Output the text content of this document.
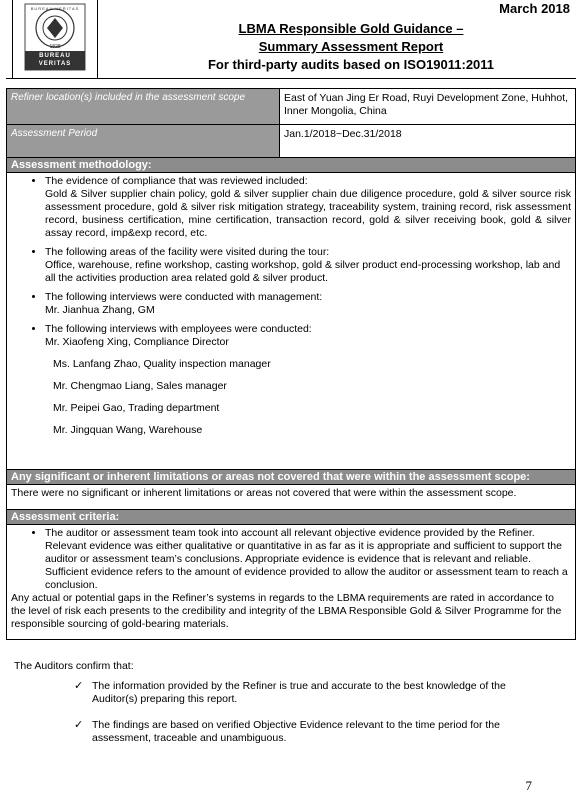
BUREAU VERITAS
1828
BUREAU
VERITAS
March 2018
LBMA Responsible Gold Guidance –
Summary Assessment Report
For third-party audits based on ISO19011:2011
Refiner location(s) included in the assessment scope	East of Yuan Jing Er Road, Ruyi Development Zone, Huhhot, Inner Mongolia, China
Assessment Period	Jan.1/2018~Dec.31/2018
Assessment methodology:
• The evidence of compliance that was reviewed included:
Gold & Silver supplier chain policy, gold & silver supplier chain due diligence procedure, gold & silver source risk assessment procedure, gold & silver risk mitigation strategy, traceability system, training record, risk assessment record, business certification, mine certification, transaction record, gold & silver receiving book, gold & silver assay record, imp&exp record, etc.
• The following areas of the facility were visited during the tour:
Office, warehouse, refine workshop, casting workshop, gold & silver product end-processing workshop, lab and all the activities production area related gold & silver product.
• The following interviews were conducted with management:
Mr. Jianhua Zhang, GM
• The following interviews with employees were conducted:
Mr. Xiaofeng Xing, Compliance Director
Ms. Lanfang Zhao, Quality inspection manager
Mr. Chengmao Liang, Sales manager
Mr. Peipei Gao, Trading department
Mr. Jingquan Wang, Warehouse
Any significant or inherent limitations or areas not covered that were within the assessment scope:
There were no significant or inherent limitations or areas not covered that were within the assessment scope.
Assessment criteria:
• The auditor or assessment team took into account all relevant objective evidence provided by the Refiner. Relevant evidence was either qualitative or quantitative in as far as it is appropriate and sufficient to support the auditor or assessment team’s conclusions. Appropriate evidence is evidence that is relevant and reliable. Sufficient evidence refers to the amount of evidence provided to allow the auditor or assessment team to reach a conclusion.
Any actual or potential gaps in the Refiner’s systems in regards to the LBMA requirements are rated in accordance to the level of risk each presents to the credibility and integrity of the LBMA Responsible Gold & Silver Programme for the responsible sourcing of gold-bearing materials.
The Auditors confirm that:
✓ The information provided by the Refiner is true and accurate to the best knowledge of the Auditor(s) preparing this report.
✓ The findings are based on verified Objective Evidence relevant to the time period for the assessment, traceable and unambiguous.
7
